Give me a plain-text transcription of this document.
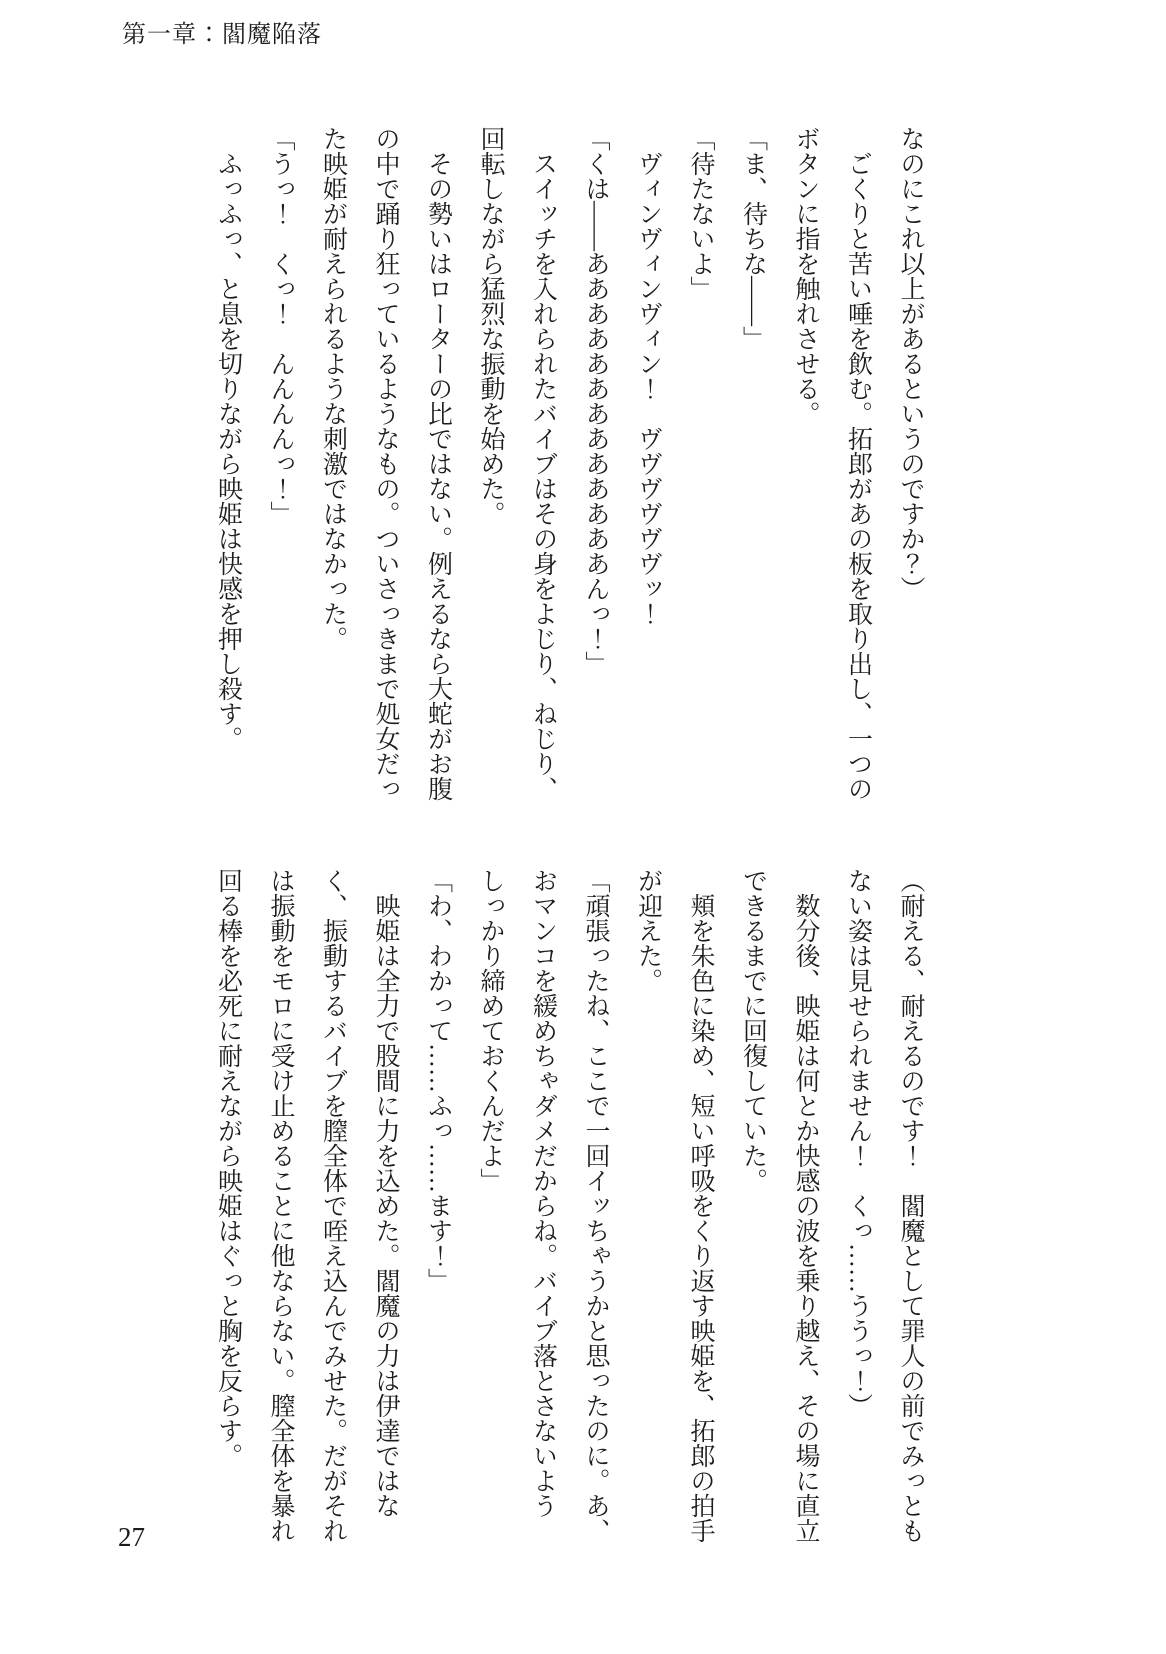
第一章：閻魔陥落

なのにこれ以上があるというのですか？）

ごくりと苦い唾を飲む。拓郎があの板を取り出し、一つのボタンに指を触れさせる。

「ま、待ちな――」

「待たないよ」

ヴィンヴィンヴィン！　ヴヴヴヴヴヴッ！

「くは――あああああああああああああんっ！」

スイッチを入れられたバイブはその身をよじり、ねじり、回転しながら猛烈な振動を始めた。

その勢いはローターの比ではない。例えるなら大蛇がお腹の中で踊り狂っているようなもの。ついさっきまで処女だった映姫が耐えられるような刺激ではなかった。

「うっ！　くっ！　んんんんっ！」

ふっふっ、と息を切りながら映姫は快感を押し殺す。

（耐える、耐えるのです！　閻魔として罪人の前でみっともない姿は見せられません！　くっ……ううっ！）

数分後、映姫は何とか快感の波を乗り越え、その場に直立できるまでに回復していた。

頬を朱色に染め、短い呼吸をくり返す映姫を、拓郎の拍手が迎えた。

「頑張ったね、ここで一回イッちゃうかと思ったのに。あ、おマンコを緩めちゃダメだからね。バイブ落とさないようしっかり締めておくんだよ」

「わ、わかって……ふっ……ます！」

映姫は全力で股間に力を込めた。閻魔の力は伊達ではなく、振動するバイブを膣全体で咥え込んでみせた。だがそれは振動をモロに受け止めることに他ならない。膣全体を暴れ回る棒を必死に耐えながら映姫はぐっと胸を反らす。

27
